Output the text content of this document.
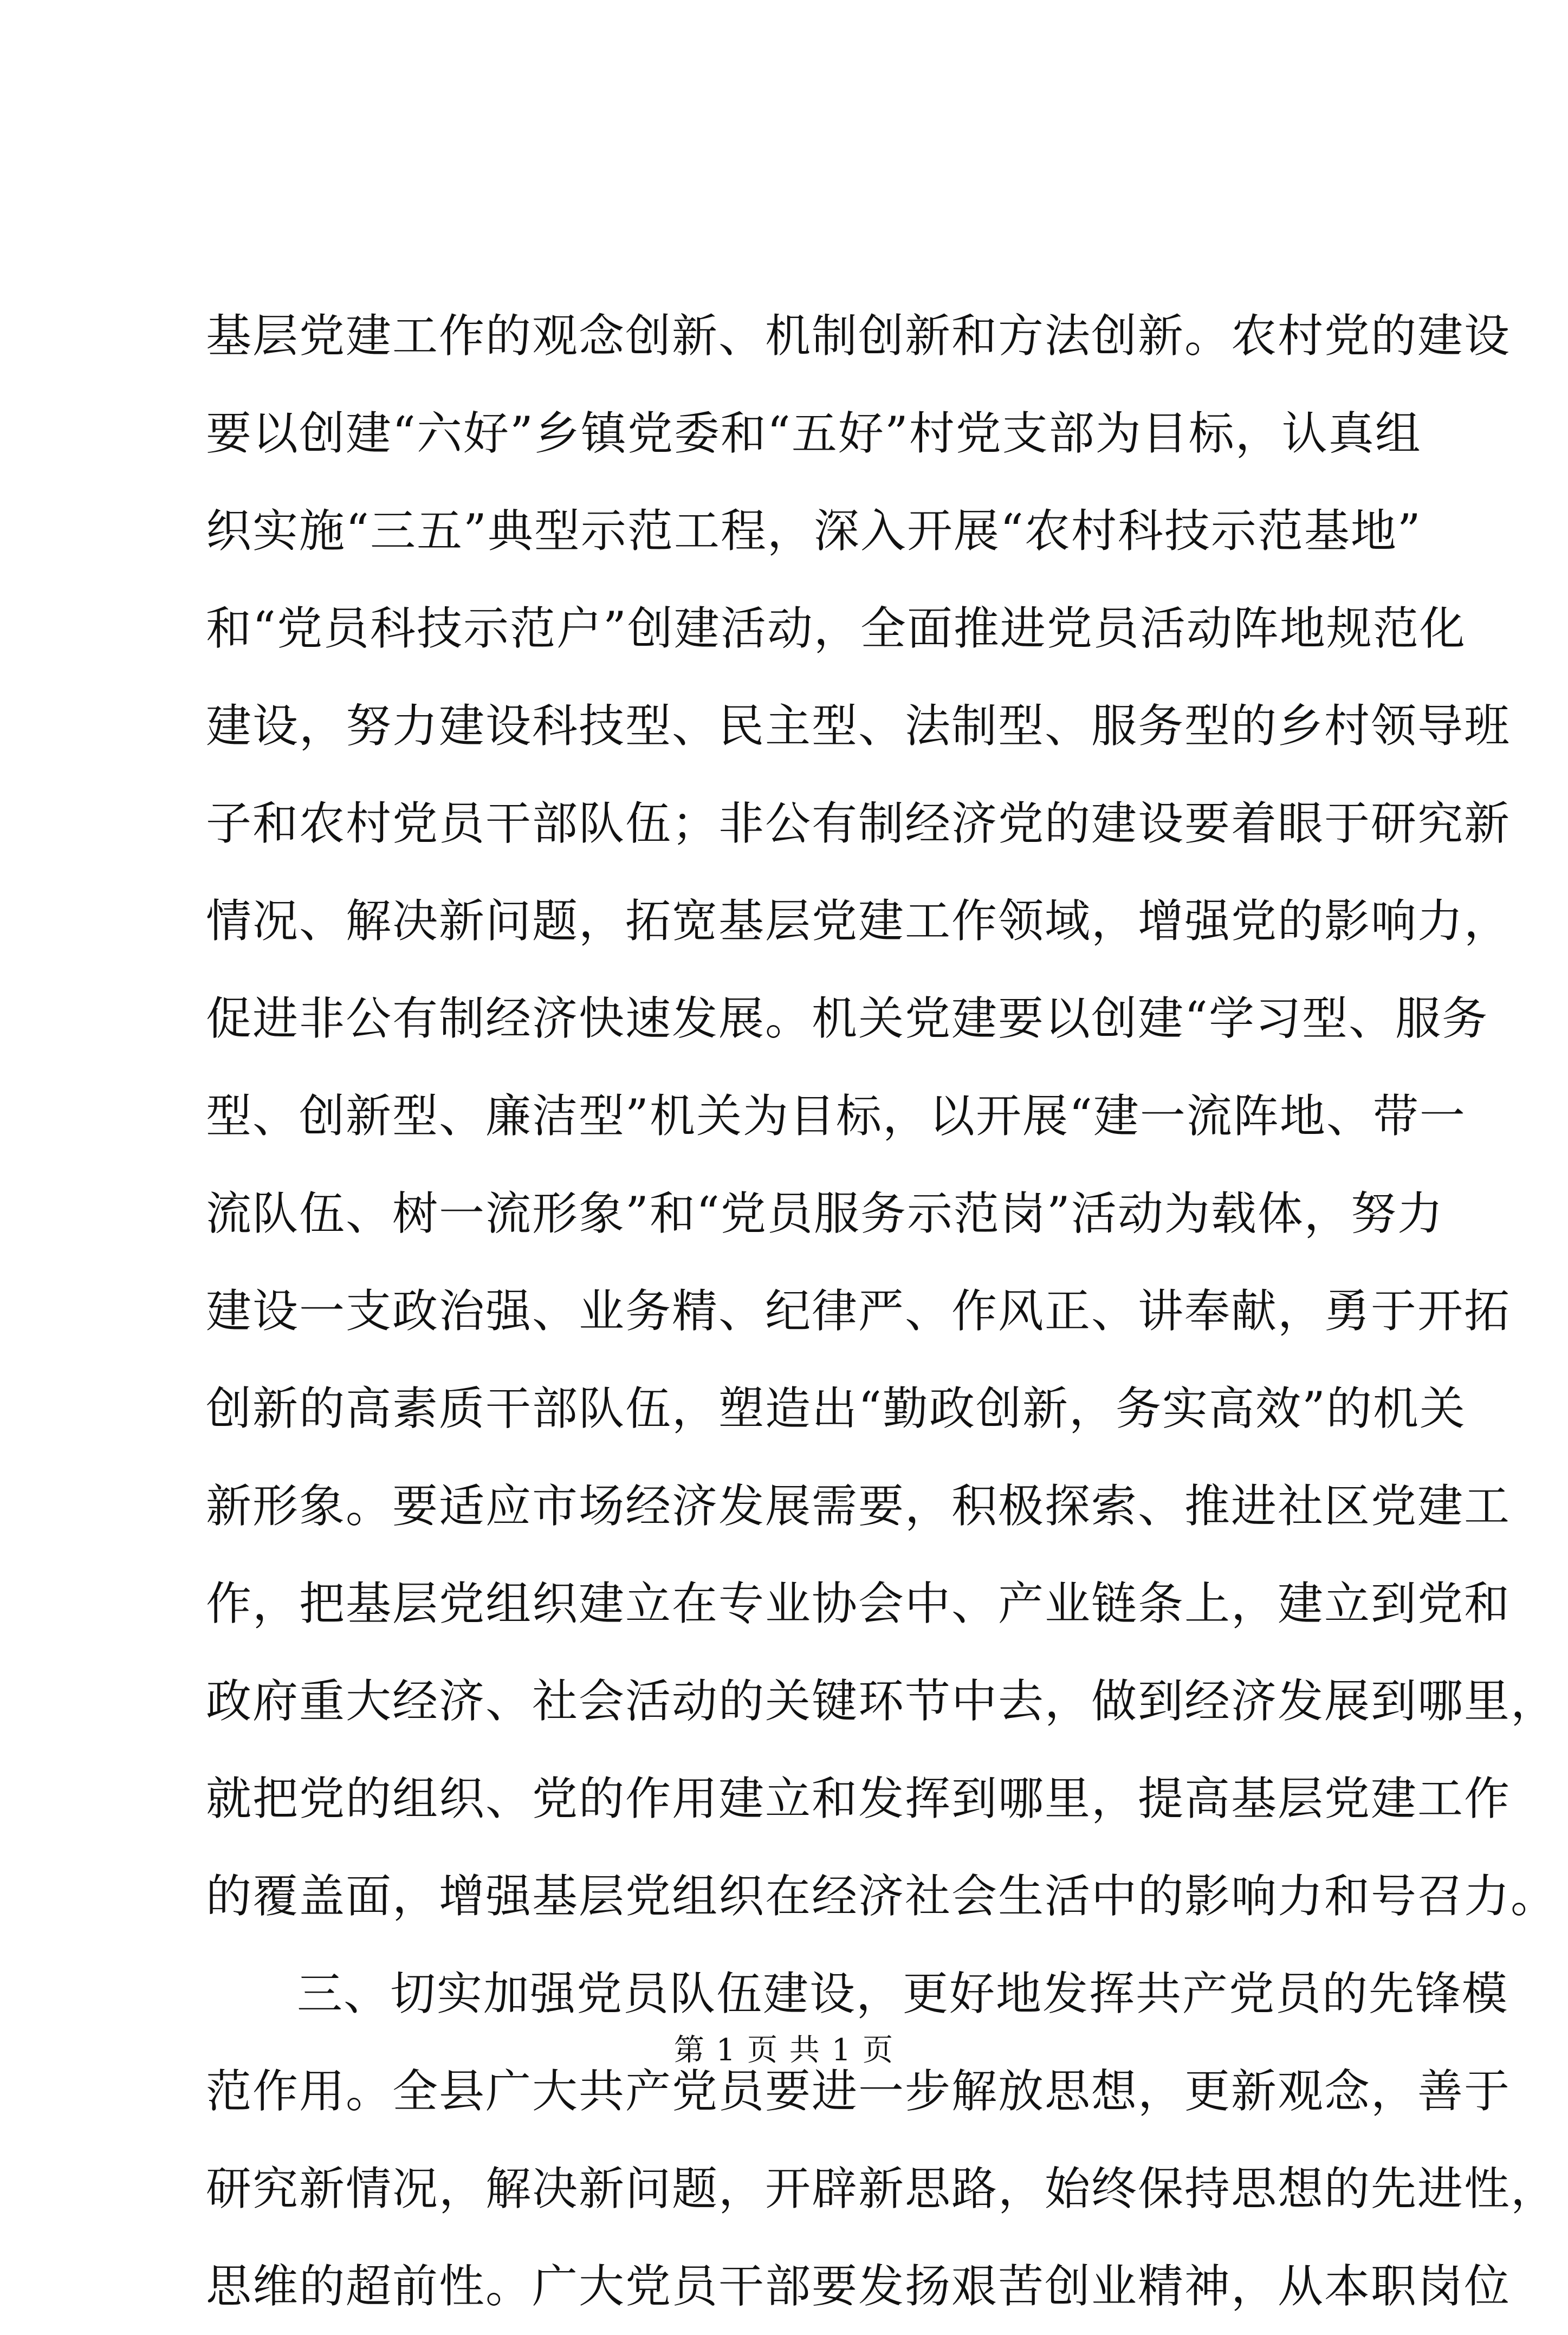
基层党建工作的观念创新、机制创新和方法创新。农村党的建设
要以创建“六好”乡镇党委和“五好”村党支部为目标，认真组
织实施“三五”典型示范工程，深入开展“农村科技示范基地”
和“党员科技示范户”创建活动，全面推进党员活动阵地规范化
建设，努力建设科技型、民主型、法制型、服务型的乡村领导班
子和农村党员干部队伍；非公有制经济党的建设要着眼于研究新
情况、解决新问题，拓宽基层党建工作领域，增强党的影响力，
促进非公有制经济快速发展。机关党建要以创建“学习型、服务
型、创新型、廉洁型”机关为目标，以开展“建一流阵地、带一
流队伍、树一流形象”和“党员服务示范岗”活动为载体，努力
建设一支政治强、业务精、纪律严、作风正、讲奉献，勇于开拓
创新的高素质干部队伍，塑造出“勤政创新，务实高效”的机关
新形象。要适应市场经济发展需要，积极探索、推进社区党建工
作，把基层党组织建立在专业协会中、产业链条上，建立到党和
政府重大经济、社会活动的关键环节中去，做到经济发展到哪里，
就把党的组织、党的作用建立和发挥到哪里，提高基层党建工作
的覆盖面，增强基层党组织在经济社会生活中的影响力和号召力。
三、切实加强党员队伍建设，更好地发挥共产党员的先锋模
范作用。全县广大共产党员要进一步解放思想，更新观念，善于
研究新情况，解决新问题，开辟新思路，始终保持思想的先进性，
思维的超前性。广大党员干部要发扬艰苦创业精神，从本职岗位
第 1 页 共 1 页
